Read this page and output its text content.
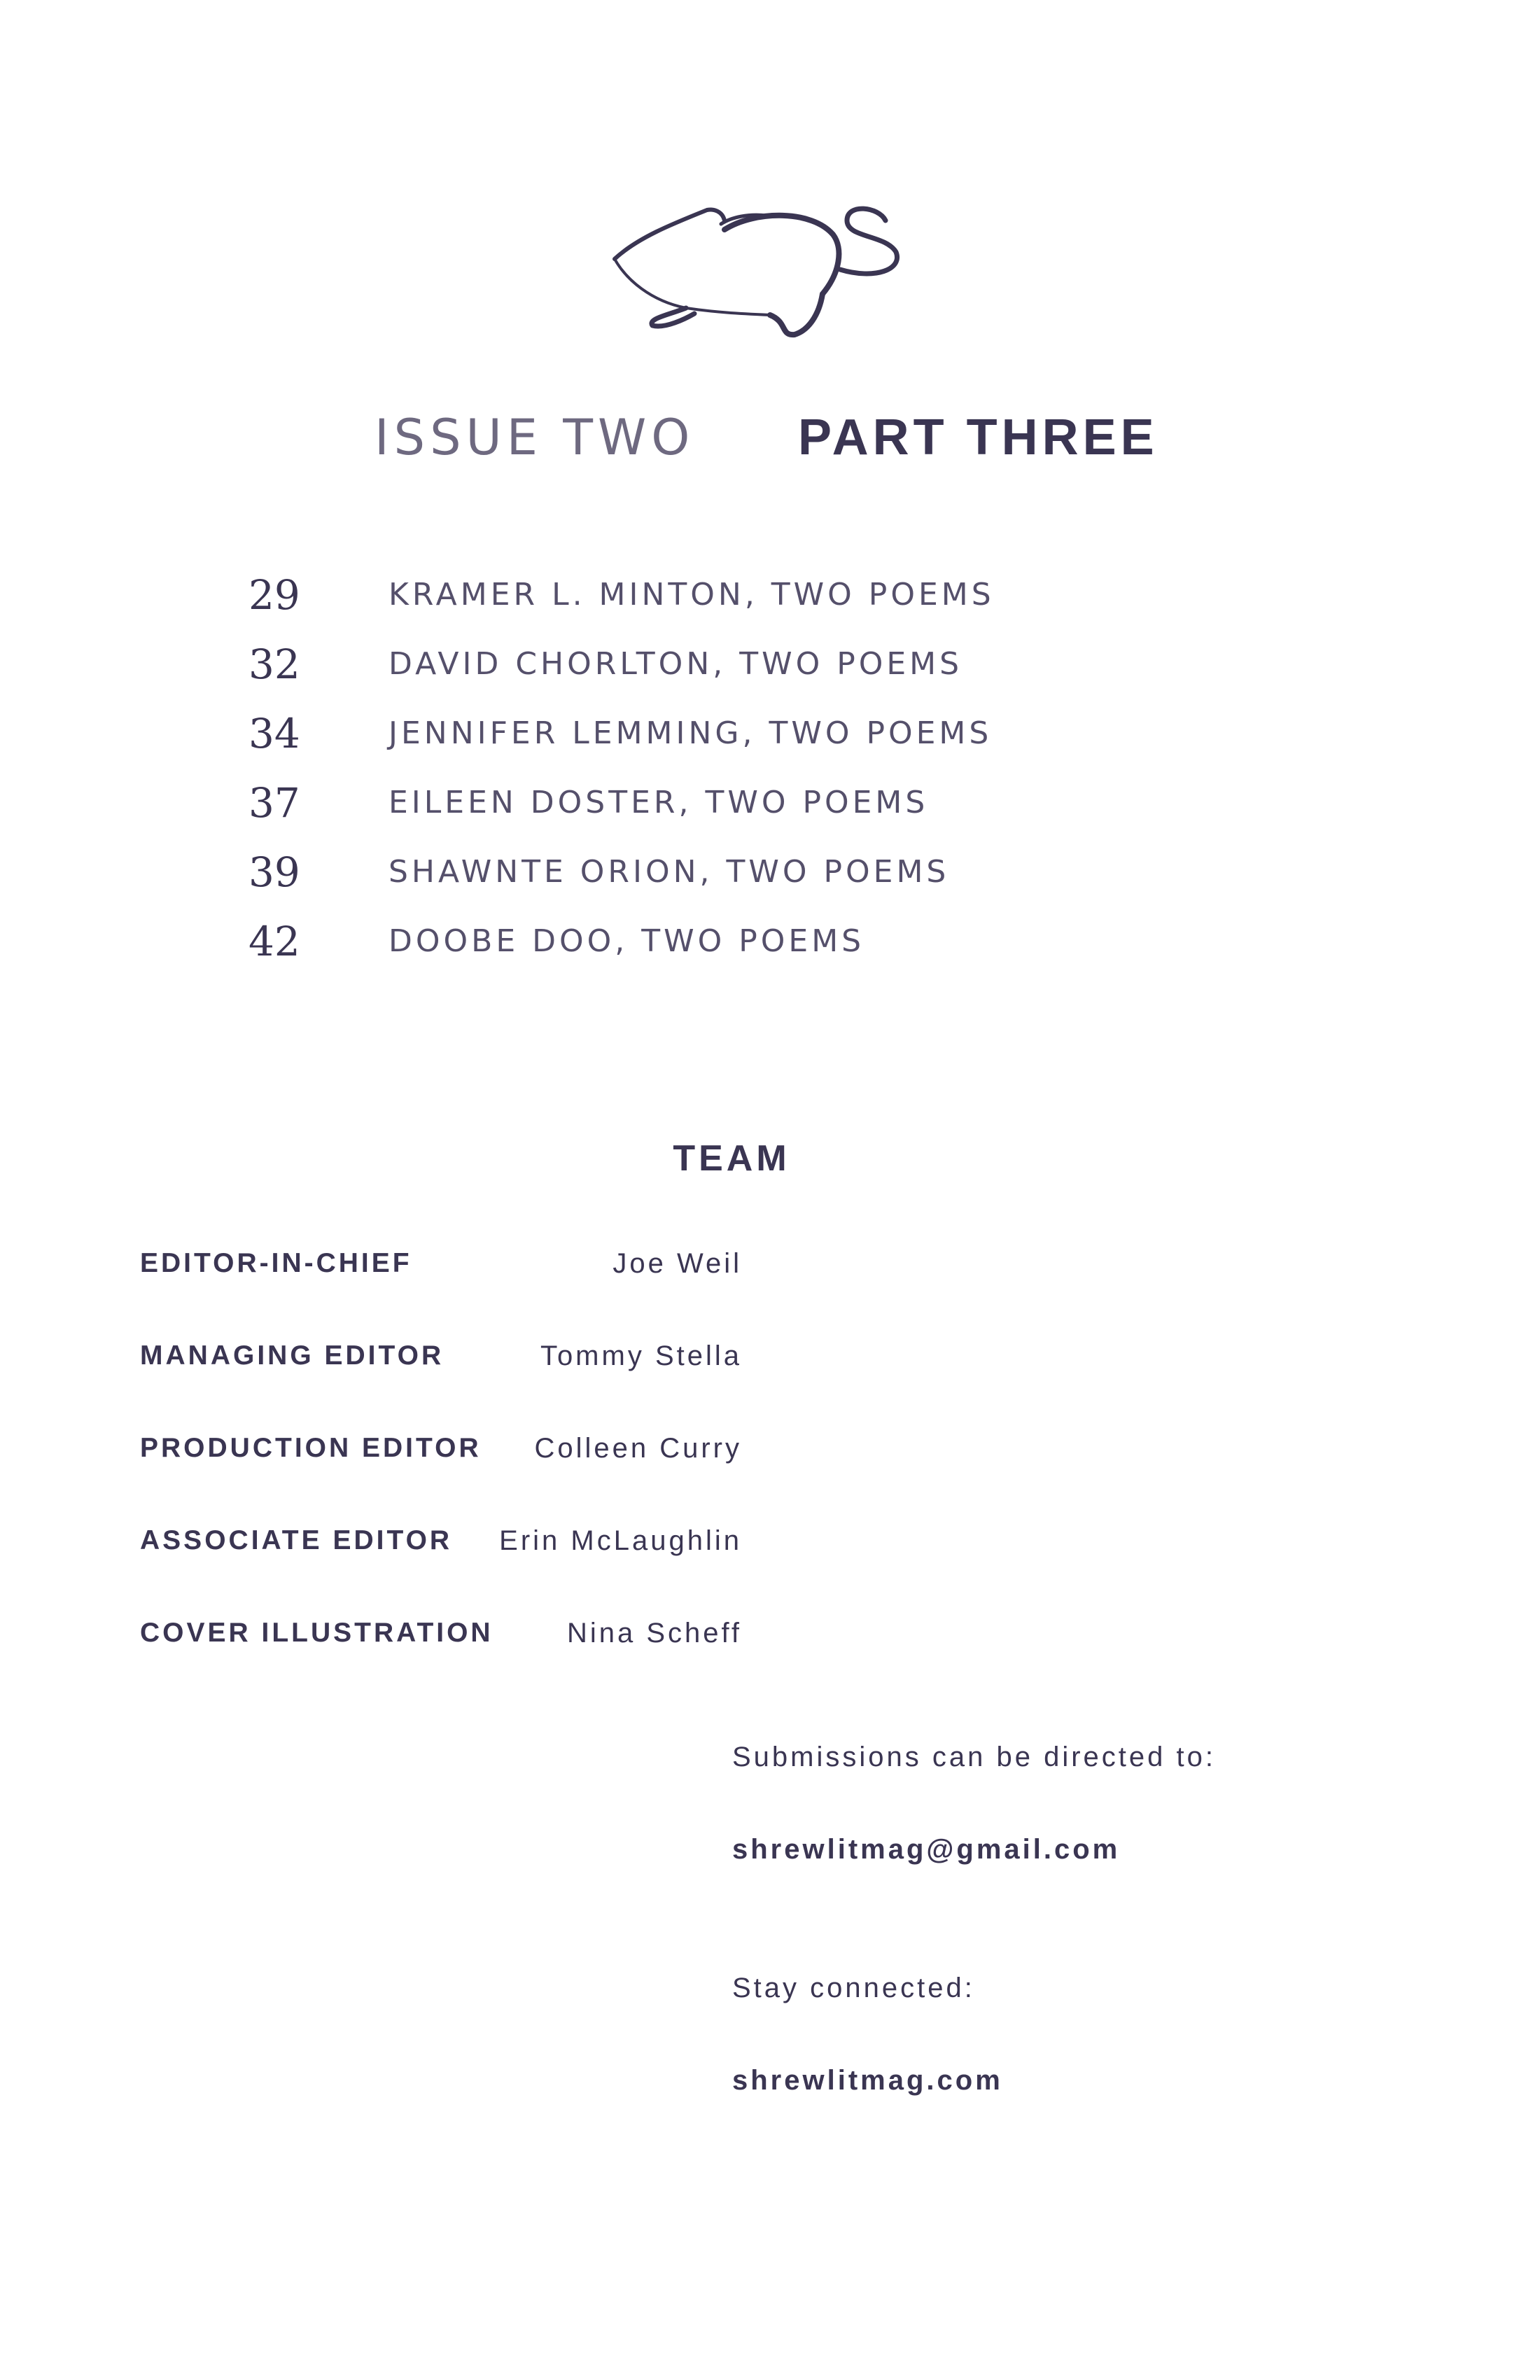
ISSUE TWO PART THREE
29	KRAMER L. MINTON, TWO POEMS
32	DAVID CHORLTON, TWO POEMS
34	JENNIFER LEMMING, TWO POEMS
37	EILEEN DOSTER, TWO POEMS
39	SHAWNTE ORION, TWO POEMS
42	DOOBE DOO, TWO POEMS
TEAM
EDITOR-IN-CHIEF	Joe Weil
MANAGING EDITOR	Tommy Stella
PRODUCTION EDITOR Colleen Curry
ASSOCIATE EDITOR Erin McLaughlin
COVER ILLUSTRATION	Nina Scheff
Submissions can be directed to:
shrewlitmag@gmail.com
Stay connected:
shrewlitmag.com
